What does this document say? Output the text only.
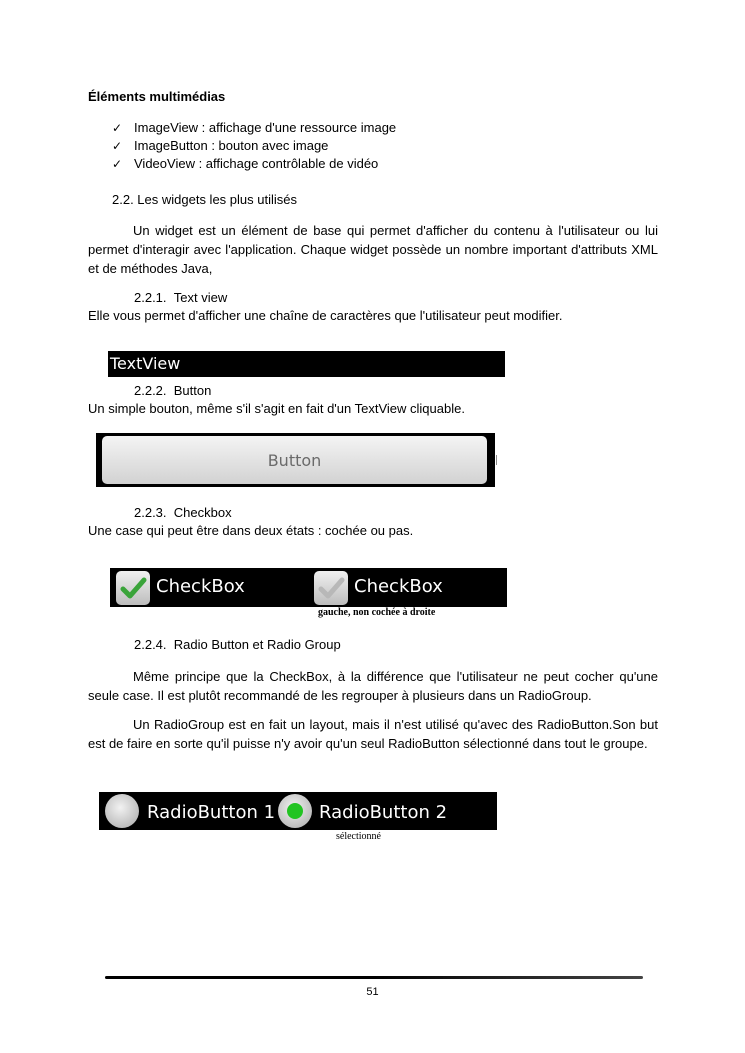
Éléments multimédias
✓ ImageView : affichage d'une ressource image
✓ ImageButton : bouton avec image
✓ VideoView : affichage contrôlable de vidéo
2.2. Les widgets les plus utilisés
Un widget est un élément de base qui permet d'afficher du contenu à l'utilisateur ou lui permet d'interagir avec l'application. Chaque widget possède un nombre important d'attributs XML et de méthodes Java,
2.2.1. Text view
Elle vous permet d'afficher une chaîne de caractères que l'utilisateur peut modifier.
TextView
2.2.2. Button
Un simple bouton, même s'il s'agit en fait d'un TextView cliquable.
Button
2.2.3. Checkbox
Une case qui peut être dans deux états : cochée ou pas.
CheckBox	CheckBox
gauche, non cochée à droite
2.2.4. Radio Button et Radio Group
Même principe que la CheckBox, à la différence que l'utilisateur ne peut cocher qu'une seule case. Il est plutôt recommandé de les regrouper à plusieurs dans un RadioGroup.
Un RadioGroup est en fait un layout, mais il n'est utilisé qu'avec des RadioButton.Son but est de faire en sorte qu'il puisse n'y avoir qu'un seul RadioButton sélectionné dans tout le groupe.
RadioButton 1 RadioButton 2
sélectionné
51
